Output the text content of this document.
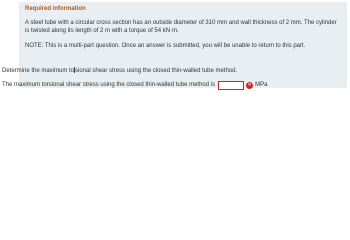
Required information

A steel tube with a circular cross section has an outside diameter of 310 mm and wall thickness of 2 mm. The cylinder is twisted along its length of 2 m with a torque of 54 kN·m.

NOTE: This is a multi-part question. Once an answer is submitted, you will be unable to return to this part.

Determine the maximum tosional shear stress using the closed thin-walled tube method.
The maximum torsional shear stress using the closed thin-walled tube method is	✕ MPa
